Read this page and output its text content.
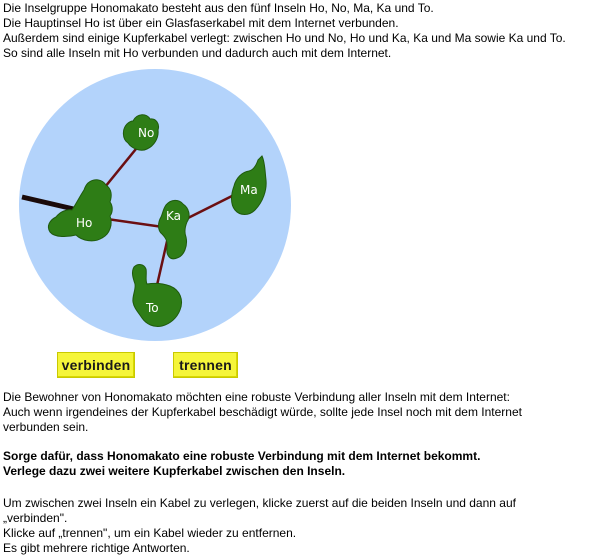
Die Inselgruppe Honomakato besteht aus den fünf Inseln Ho, No, Ma, Ka und To.
Die Hauptinsel Ho ist über ein Glasfaserkabel mit dem Internet verbunden.
Außerdem sind einige Kupferkabel verlegt: zwischen Ho und No, Ho und Ka, Ka und Ma sowie Ka und To.
So sind alle Inseln mit Ho verbunden und dadurch auch mit dem Internet.
No
Ho	Ka
Ma
To
verbinden	trennen
Die Bewohner von Honomakato möchten eine robuste Verbindung aller Inseln mit dem Internet:
Auch wenn irgendeines der Kupferkabel beschädigt würde, sollte jede Insel noch mit dem Internet
verbunden sein.
Sorge dafür, dass Honomakato eine robuste Verbindung mit dem Internet bekommt.
Verlege dazu zwei weitere Kupferkabel zwischen den Inseln.
Um zwischen zwei Inseln ein Kabel zu verlegen, klicke zuerst auf die beiden Inseln und dann auf
„verbinden".
Klicke auf „trennen", um ein Kabel wieder zu entfernen.
Es gibt mehrere richtige Antworten.
